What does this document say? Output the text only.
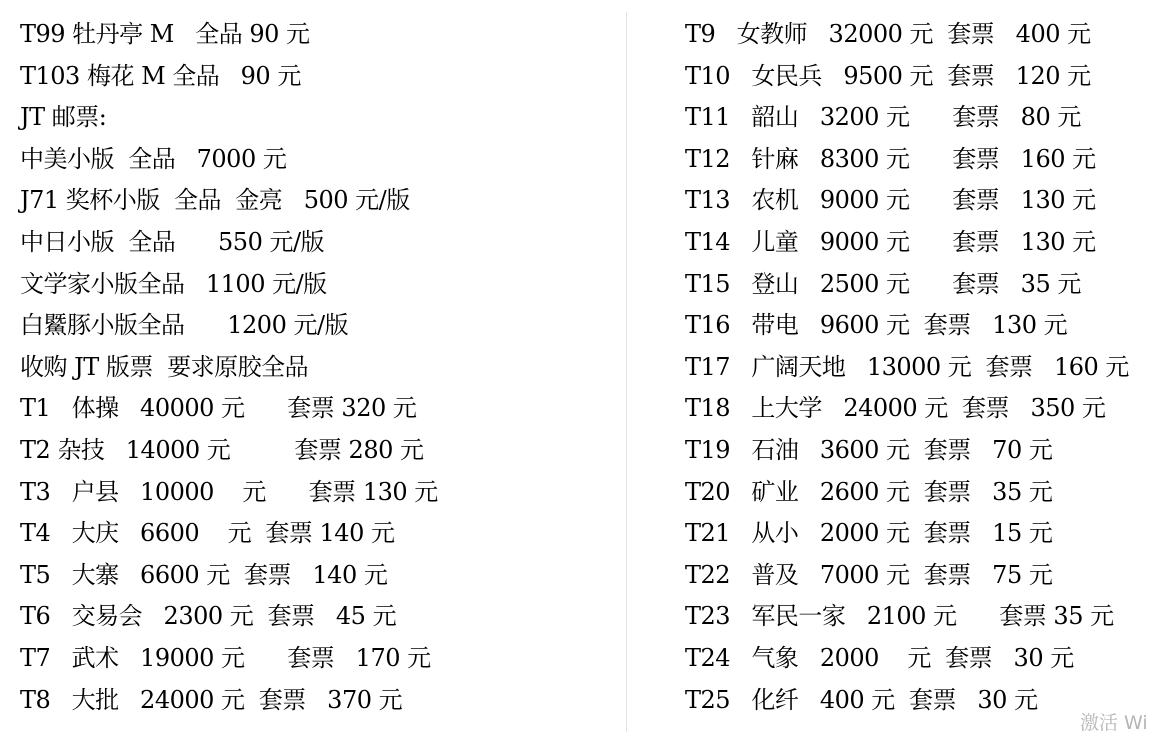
T99 牡丹亭 M   全品 90 元
T103 梅花 M 全品   90 元
JT 邮票:
中美小版  全品   7000 元
J71 奖杯小版  全品  金亮   500 元/版
中日小版  全品      550 元/版
文学家小版全品   1100 元/版
白鱀豚小版全品      1200 元/版
收购 JT 版票  要求原胶全品
T1   体操   40000 元      套票 320 元
T2 杂技   14000 元         套票 280 元
T3   户县   10000    元      套票 130 元
T4   大庆   6600    元  套票 140 元
T5   大寨   6600 元  套票   140 元
T6   交易会   2300 元  套票   45 元
T7   武术   19000 元      套票   170 元
T8   大批   24000 元  套票   370 元
T9   女教师   32000 元  套票   400 元
T10   女民兵   9500 元  套票   120 元
T11   韶山   3200 元      套票   80 元
T12   针麻   8300 元      套票   160 元
T13   农机   9000 元      套票   130 元
T14   儿童   9000 元      套票   130 元
T15   登山   2500 元      套票   35 元
T16   带电   9600 元  套票   130 元
T17   广阔天地   13000 元  套票   160 元
T18   上大学   24000 元  套票   350 元
T19   石油   3600 元  套票   70 元
T20   矿业   2600 元  套票   35 元
T21   从小   2000 元  套票   15 元
T22   普及   7000 元  套票   75 元
T23   军民一家   2100 元      套票 35 元
T24   气象   2000    元  套票   30 元
T25   化纤   400 元  套票   30 元
激活 Wi
